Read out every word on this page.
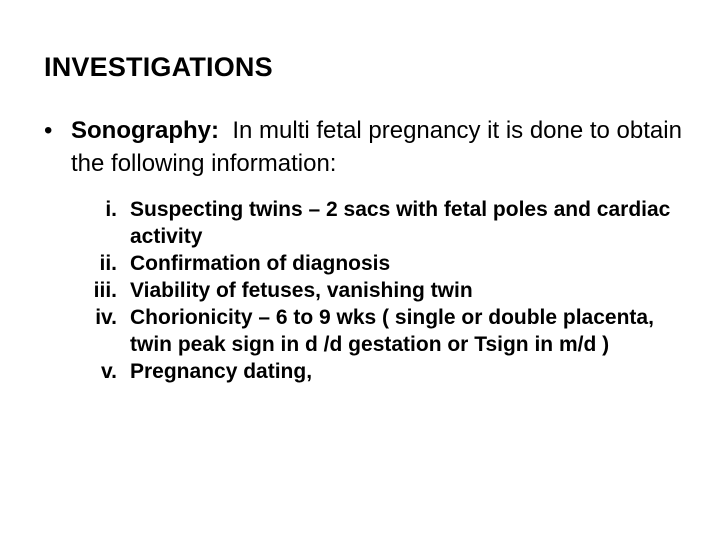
INVESTIGATIONS
• Sonography: In multi fetal pregnancy it is done to obtain the following information:
i. Suspecting twins – 2 sacs with fetal poles and cardiac activity
ii. Confirmation of diagnosis
iii. Viability of fetuses, vanishing twin
iv. Chorionicity – 6 to 9 wks ( single or double placenta, twin peak sign in d /d gestation or Tsign in m/d )
v. Pregnancy dating,
